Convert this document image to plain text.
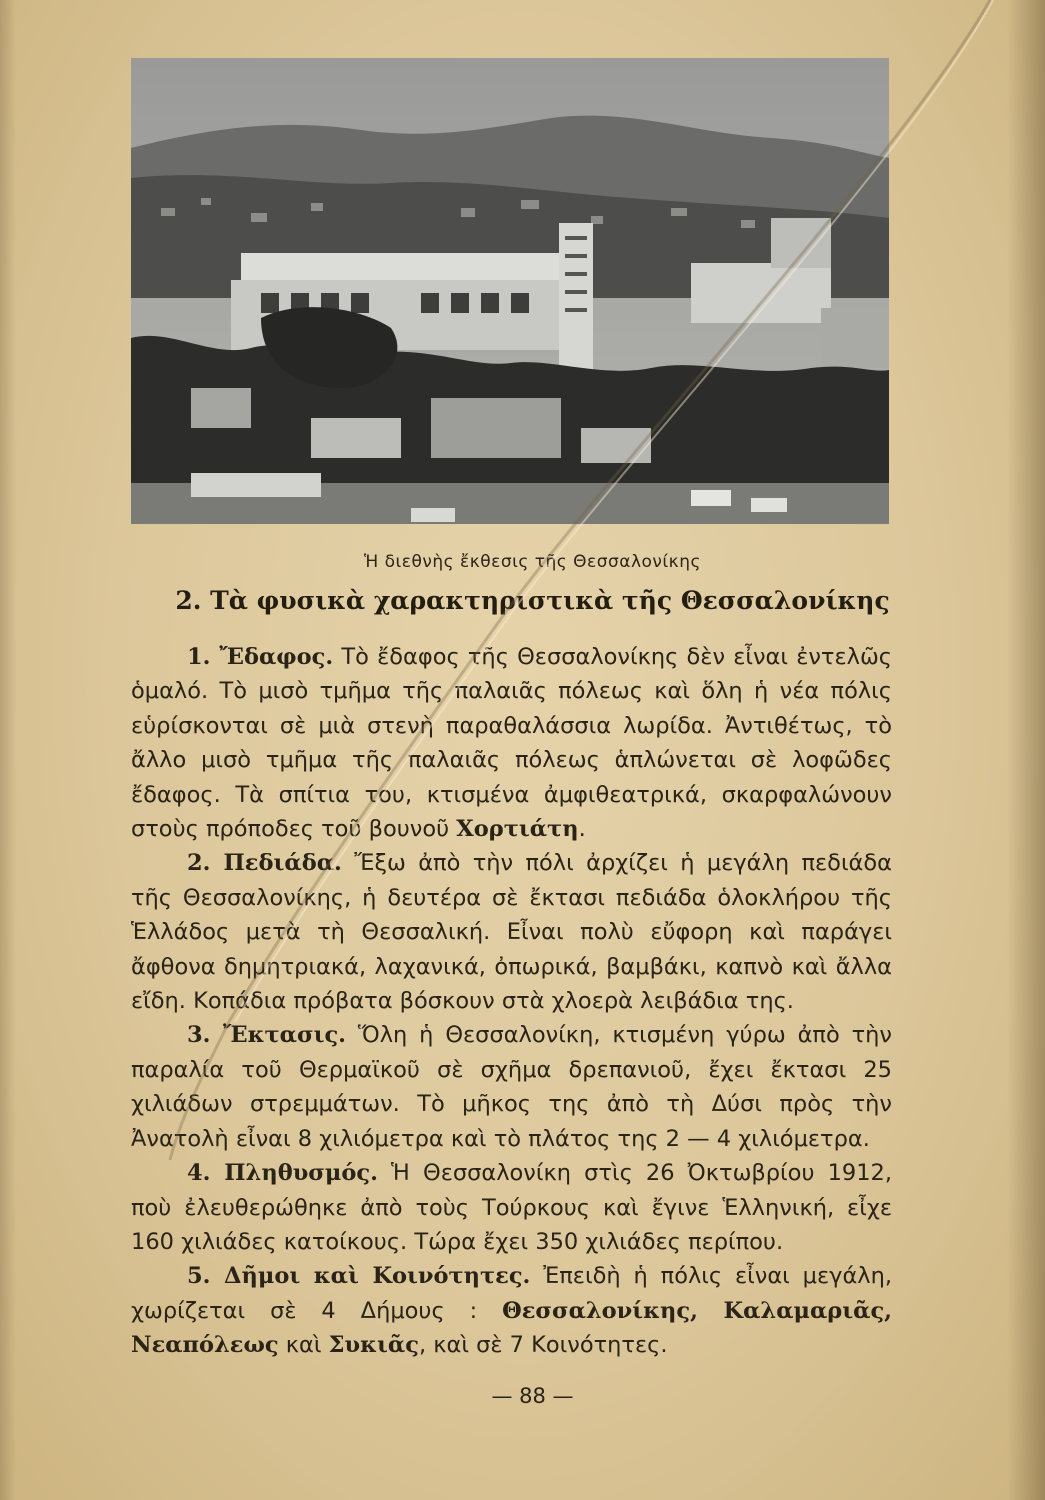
Ἡ διεθνὴς ἔκθεσις τῆς Θεσσαλονίκης
2. Τὰ φυσικὰ χαρακτηριστικὰ τῆς Θεσσαλονίκης

1. Ἔδαφος. Τὸ ἔδαφος τῆς Θεσσαλονίκης δὲν εἶναι ἐντελῶς ὁμαλό. Τὸ μισὸ τμῆμα τῆς παλαιᾶς πόλεως καὶ ὅλη ἡ νέα πόλις εὑρίσκονται σὲ μιὰ στενὴ παραθαλάσσια λωρίδα. Ἀντιθέτως, τὸ ἄλλο μισὸ τμῆμα τῆς παλαιᾶς πόλεως ἁπλώνεται σὲ λοφῶδες ἔδαφος. Τὰ σπίτια του, κτισμένα ἀμφιθεατρικά, σκαρφαλώνουν στοὺς πρόποδες τοῦ βουνοῦ Χορτιάτη.

2. Πεδιάδα. Ἔξω ἀπὸ τὴν πόλι ἀρχίζει ἡ μεγάλη πεδιάδα τῆς Θεσσαλονίκης, ἡ δευτέρα σὲ ἔκτασι πεδιάδα ὁλοκλήρου τῆς Ἑλλάδος μετὰ τὴ Θεσσαλική. Εἶναι πολὺ εὔφορη καὶ παράγει ἄφθονα δημητριακά, λαχανικά, ὀπωρικά, βαμβάκι, καπνὸ καὶ ἄλλα εἴδη. Κοπάδια πρόβατα βόσκουν στὰ χλοερὰ λειβάδια της.

3. Ἔκτασις. Ὅλη ἡ Θεσσαλονίκη, κτισμένη γύρω ἀπὸ τὴν παραλία τοῦ Θερμαϊκοῦ σὲ σχῆμα δρεπανιοῦ, ἔχει ἔκτασι 25 χιλιάδων στρεμμάτων. Τὸ μῆκος της ἀπὸ τὴ Δύσι πρὸς τὴν Ἀνατολὴ εἶναι 8 χιλιόμετρα καὶ τὸ πλάτος της 2 — 4 χιλιόμετρα.

4. Πληθυσμός. Ἡ Θεσσαλονίκη στὶς 26 Ὀκτωβρίου 1912, ποὺ ἐλευθερώθηκε ἀπὸ τοὺς Τούρκους καὶ ἔγινε Ἑλληνική, εἶχε 160 χιλιάδες κατοίκους. Τώρα ἔχει 350 χιλιάδες περίπου.

5. Δῆμοι καὶ Κοινότητες. Ἐπειδὴ ἡ πόλις εἶναι μεγάλη, χωρίζεται σὲ 4 Δήμους : Θεσσαλονίκης, Καλαμαριᾶς, Νεαπόλεως καὶ Συκιᾶς, καὶ σὲ 7 Κοινότητες.

— 88 —
